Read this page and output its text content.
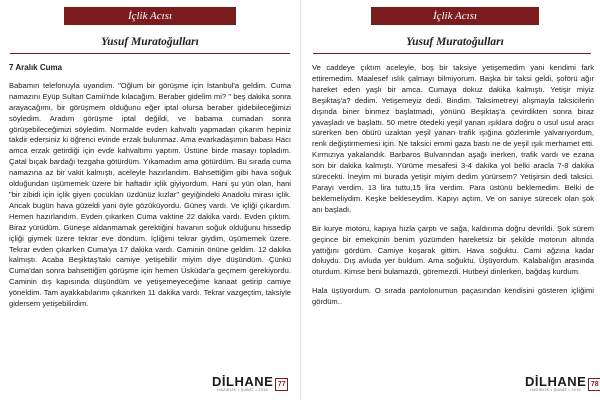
İçlik Acısı
Yusuf Muratoğulları
7 Aralık Cuma

Babamın telefonuyla uyandım. "Oğlum bir görüşme için İstanbul'a geldim. Cuma namazını Eyüp Sultan Camii'nde kılacağım. Beraber gidelim mi? " beş dakika sonra arayacağımı, bir görüşmem olduğunu eğer iptal olursa beraber gidebileceğimizi söyledim. Aradım görüşme iptal değildi, ve babama cumadan sonra görüşebileceğimizi söyledim. Normalde evden kahvaltı yapmadan çıkarım hepiniz takdir edersiniz ki öğrenci evinde erzak bulunmaz. Ama evarkadaşımın babası Hacı amca erzak getirdiği için evde kahvaltımı yaptım. Üstüne birde masayı topladım. Çatal bıçak bardağı tezgaha götürdüm. Yıkamadım ama götürdüm. Bu sırada cuma namazına az bir vakit kalmıştı, aceleyle hazırlandım. Bahsettiğim gibi hava soğuk olduğundan üşümemek üzere bir haftadır içlik giyiyordum. Hani şu yün olan, hani "bir zibidi için içlik giyen çocukları üzdünüz kızlar" geyiğindeki Anadolu mirası içlik. Ancak bugün hava güzeldi yani öyle gözüküyordu. Güneş vardı. Ve içliği çıkardım. Hemen hazırlandım. Evden çıkarken Cuma vaktine 22 dakika vardı. Evden çıktım. Biraz yürüdüm. Güneşe aldanmamak gerektiğini havanın soğuk olduğunu hissedip içliği giymek üzere tekrar eve döndüm. İçliğimi tekrar giydim, üşümemek üzere. Tekrar evden çıkarken Cuma'ya 17 dakika vardı. Caminin önüne geldim. 12 dakika kalmıştı. Acaba Beşiktaş'taki camiye yetişebilir miyim diye düşündüm. Çünkü Cuma'dan sonra bahsettiğim görüşme için hemen Üsküdar'a geçmem gerekiyordu. Caminin dış kapısında düşündüm ve yetişemeyeceğime kanaat getirip camiye yöneldim. Tam ayakkabılarımı çıkarırken 11 dakika vardı. Tekrar vazgeçtim, taksiyle gidersem yetişebilirdim.

DİLHANE
HAZIRLIK • ŞUBAT • 2019
77
İçlik Acısı
Yusuf Muratoğulları

Ve caddeye çıktım aceleyle, boş bir taksiye yetişemedim yani kendimi fark ettiremedim. Maalesef ıslık çalmayı bilmiyorum. Başka bir taksi geldi, şoförü ağır hareket eden yaşlı bir amca. Cumaya dokuz dakika kalmıştı. Yetişir miyiz Beşiktaş'a? dedim. Yetişemeyiz dedi. Bindim. Taksimetreyi alışmayla taksicilerin dışında biner binmez başlatmadı, yönünü Beşiktaş'a çevirdikten sonra biraz yavaşladı ve başlattı. 50 metre ötedeki yeşil yanan ışıklara doğru o usul usul aracı sürerken ben öbürü uzaktan yeşil yanan trafik ışığına gözlerimle yalvarıyordum, renk değiştirmemesi için. Ne taksici emmi gaza bastı ne de yeşil ışık merhamet etti. Kırmızıya yakalandık. Barbaros Bulvarından aşağı inerken, trafik vardı ve ezana son bir dakika kalmıştı. Yürüme mesafesi 3-4 dakika yol belki aracla 7-8 dakika sürecekti. İneyim mi burada yetişir miyim dedim yürürsem? Yetişirsin dedi taksici. Parayı verdim. 13 lira tuttu,15 lira verdim. Para üstünü beklemedim. Belki de beklemeliydim. Keşke bekleseydim. Kapıyı açtım. Ve on saniye sürecek olan şok anı başladı.

Bir kurye motoru, kapıya hızla çarptı ve sağa, kaldırıma doğru devrildi. Şok sürem geçince bir emekçinin benim yüzümden hareketsiz bir şekilde motorun altında yattığını gördüm. Camiye koşarak gittim. Hava soğuktu. Cami ağzına kadar doluydu. Dış avluda yer buldum. Ama soğuktu. Üşüyordum. Kalabalığın arasında oturdum. Kimse beni bulamazdı, göremezdi. Hutbeyi dinlerken, bağdaş kurdum.

Hala üşüyordum. O sırada pantolonumun paçasından kendisini gösteren içliğimi gördüm..

DİLHANE
HAZIRLIK • ŞUBAT • 2019
78
